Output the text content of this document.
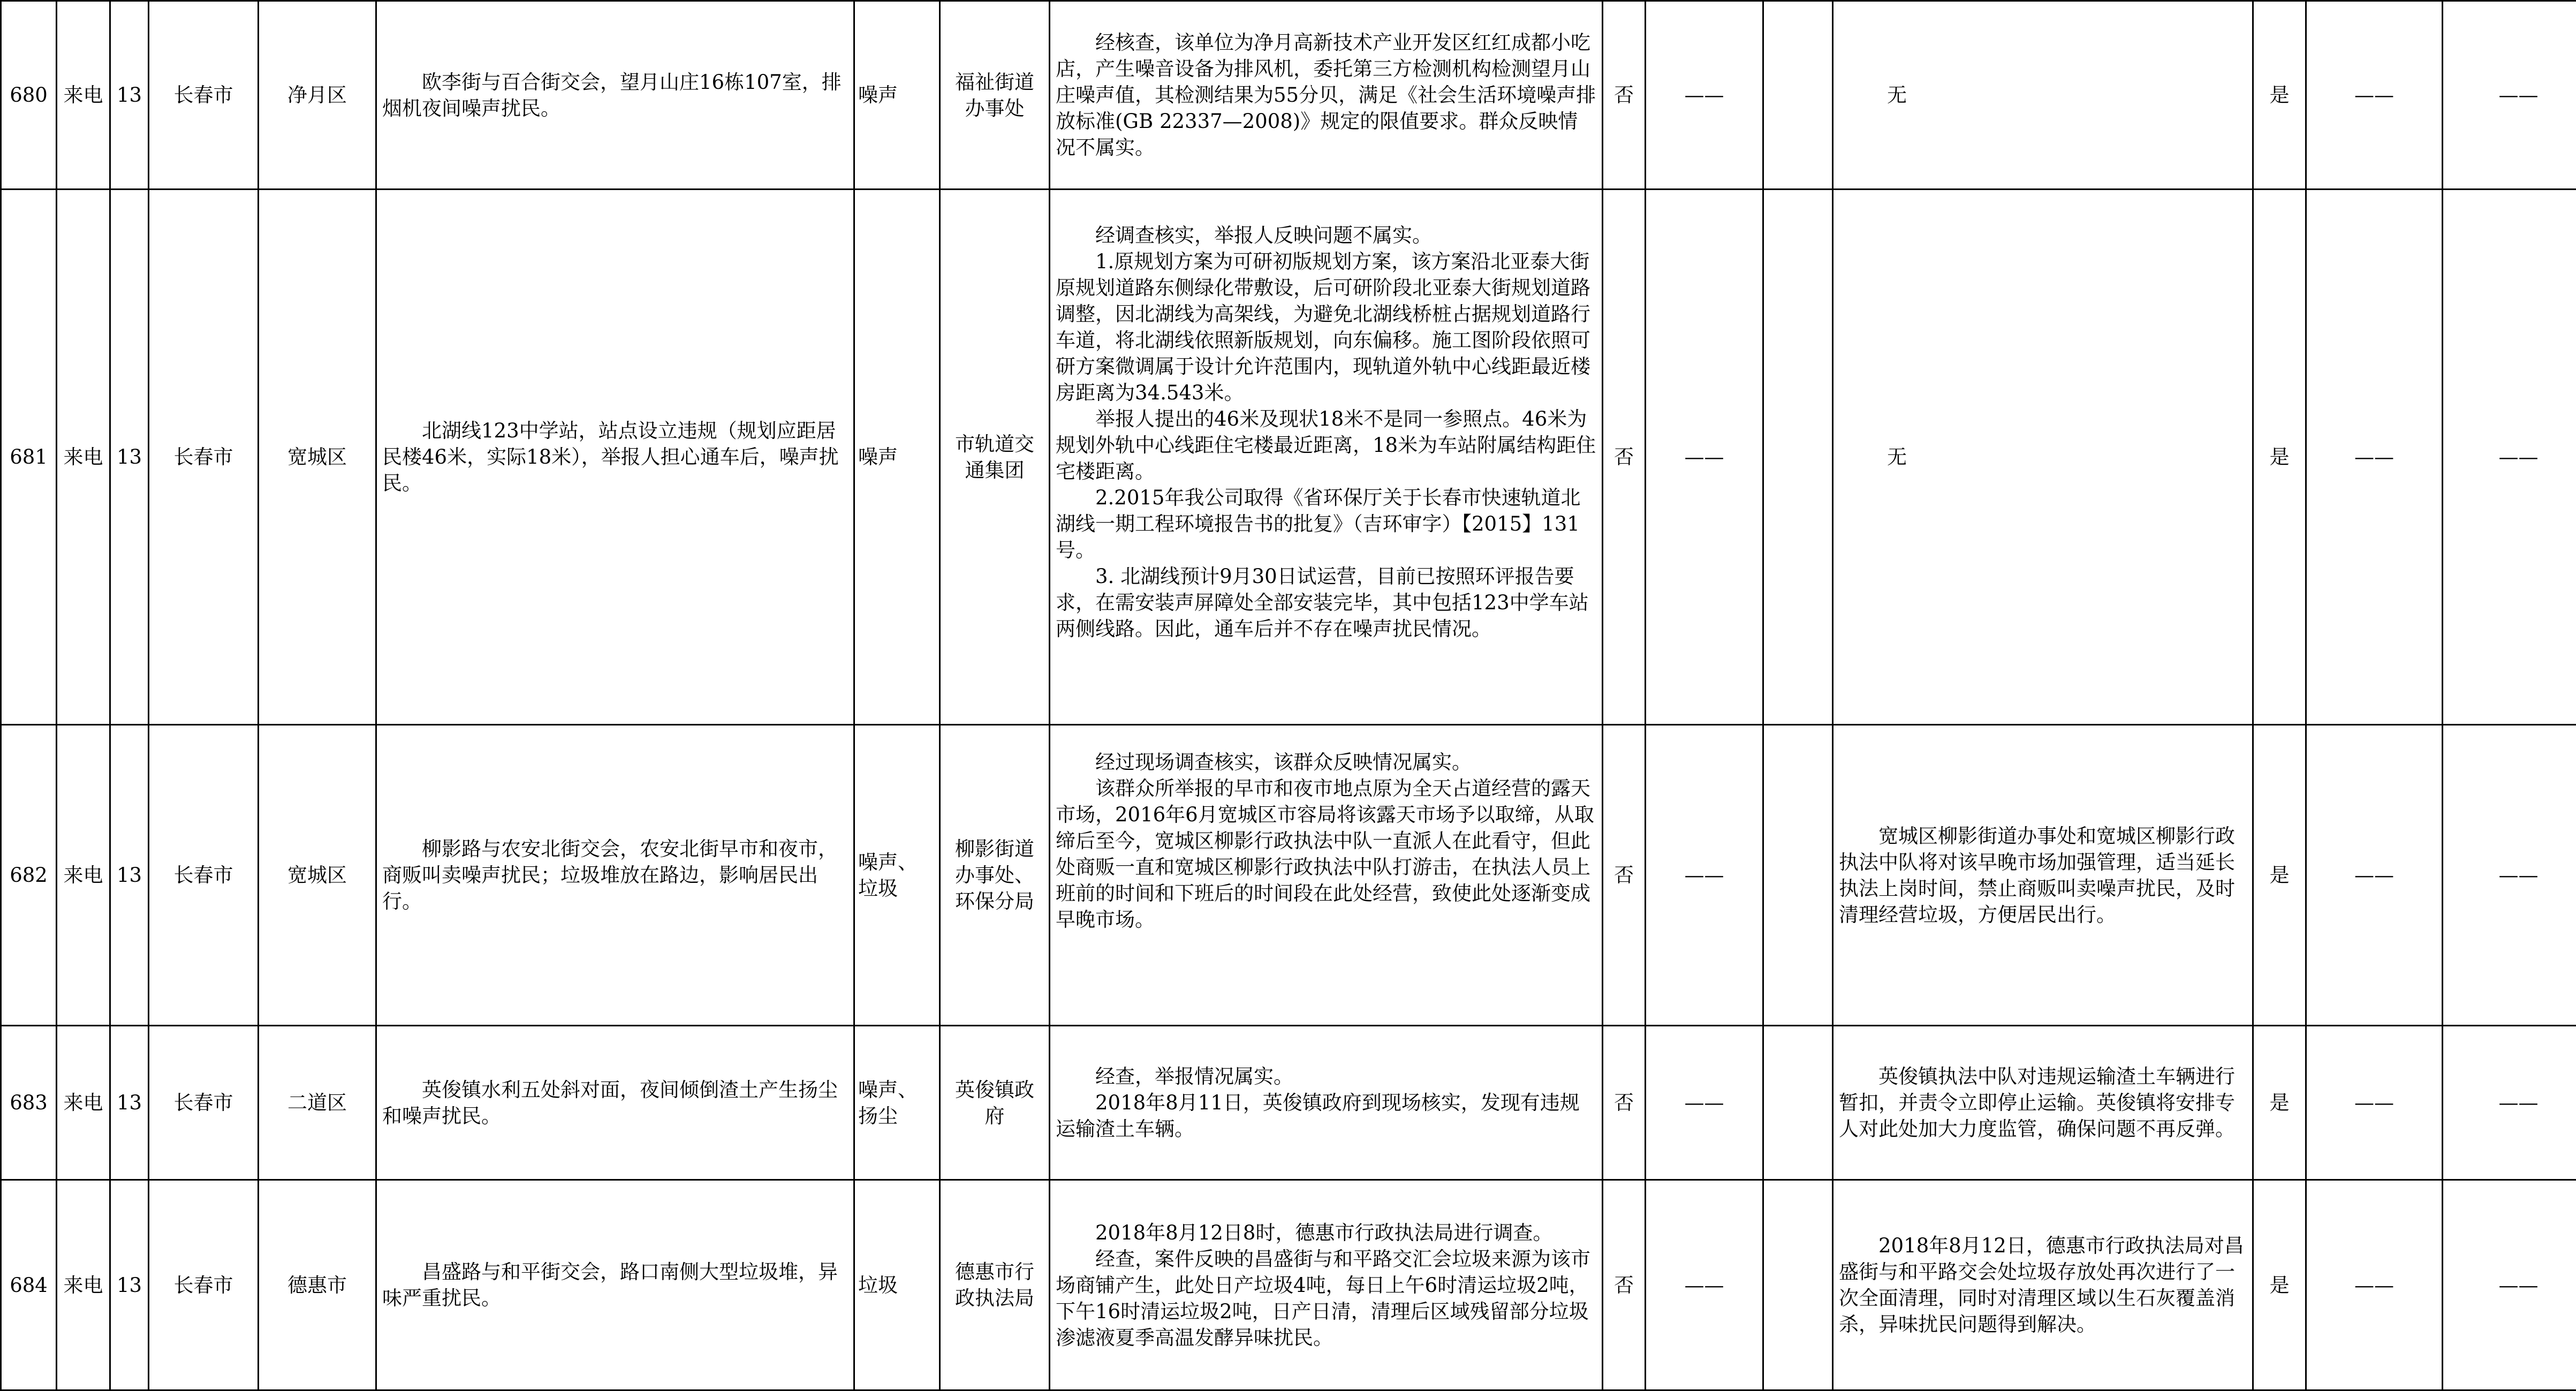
680	来电	13	长春市	净月区	欧李街与百合街交会，望月山庄16栋107室，排烟机夜间噪声扰民。	噪声	福祉街道办事处	经核查，该单位为净月高新技术产业开发区红红成都小吃店，产生噪音设备为排风机，委托第三方检测机构检测望月山庄噪声值，其检测结果为55分贝，满足《社会生活环境噪声排放标准(GB 22337—2008)》规定的限值要求。群众反映情况不属实。	否	——		无	是	——	——
681	来电	13	长春市	宽城区	北湖线123中学站，站点设立违规（规划应距居民楼46米，实际18米），举报人担心通车后，噪声扰民。	噪声	市轨道交通集团	经调查核实，举报人反映问题不属实。
1.原规划方案为可研初版规划方案，该方案沿北亚泰大街原规划道路东侧绿化带敷设，后可研阶段北亚泰大街规划道路调整，因北湖线为高架线，为避免北湖线桥桩占据规划道路行车道，将北湖线依照新版规划，向东偏移。施工图阶段依照可研方案微调属于设计允许范围内，现轨道外轨中心线距最近楼房距离为34.543米。
举报人提出的46米及现状18米不是同一参照点。46米为规划外轨中心线距住宅楼最近距离，18米为车站附属结构距住宅楼距离。
2.2015年我公司取得《省环保厅关于长春市快速轨道北湖线一期工程环境报告书的批复》（吉环审字）【2015】131号。
3. 北湖线预计9月30日试运营，目前已按照环评报告要求，在需安装声屏障处全部安装完毕，其中包括123中学车站两侧线路。因此，通车后并不存在噪声扰民情况。	否	——		无	是	——	——
682	来电	13	长春市	宽城区	柳影路与农安北街交会，农安北街早市和夜市，商贩叫卖噪声扰民；垃圾堆放在路边，影响居民出行。	噪声、垃圾	柳影街道办事处、环保分局	经过现场调查核实，该群众反映情况属实。
该群众所举报的早市和夜市地点原为全天占道经营的露天市场，2016年6月宽城区市容局将该露天市场予以取缔，从取缔后至今，宽城区柳影行政执法中队一直派人在此看守，但此处商贩一直和宽城区柳影行政执法中队打游击，在执法人员上班前的时间和下班后的时间段在此处经营，致使此处逐渐变成早晚市场。	否	——		宽城区柳影街道办事处和宽城区柳影行政执法中队将对该早晚市场加强管理，适当延长执法上岗时间，禁止商贩叫卖噪声扰民，及时清理经营垃圾，方便居民出行。	是	——	——
683	来电	13	长春市	二道区	英俊镇水利五处斜对面，夜间倾倒渣土产生扬尘和噪声扰民。	噪声、扬尘	英俊镇政府	经查，举报情况属实。
2018年8月11日，英俊镇政府到现场核实，发现有违规运输渣土车辆。	否	——		英俊镇执法中队对违规运输渣土车辆进行暂扣，并责令立即停止运输。英俊镇将安排专人对此处加大力度监管，确保问题不再反弹。	是	——	——
684	来电	13	长春市	德惠市	昌盛路与和平街交会，路口南侧大型垃圾堆，异味严重扰民。	垃圾	德惠市行政执法局	2018年8月12日8时，德惠市行政执法局进行调查。
经查，案件反映的昌盛街与和平路交汇会垃圾来源为该市场商铺产生，此处日产垃圾4吨，每日上午6时清运垃圾2吨，下午16时清运垃圾2吨，日产日清，清理后区域残留部分垃圾渗滤液夏季高温发酵异味扰民。	否	——		2018年8月12日，德惠市行政执法局对昌盛街与和平路交会处垃圾存放处再次进行了一次全面清理，同时对清理区域以生石灰覆盖消杀，异味扰民问题得到解决。	是	——	——
